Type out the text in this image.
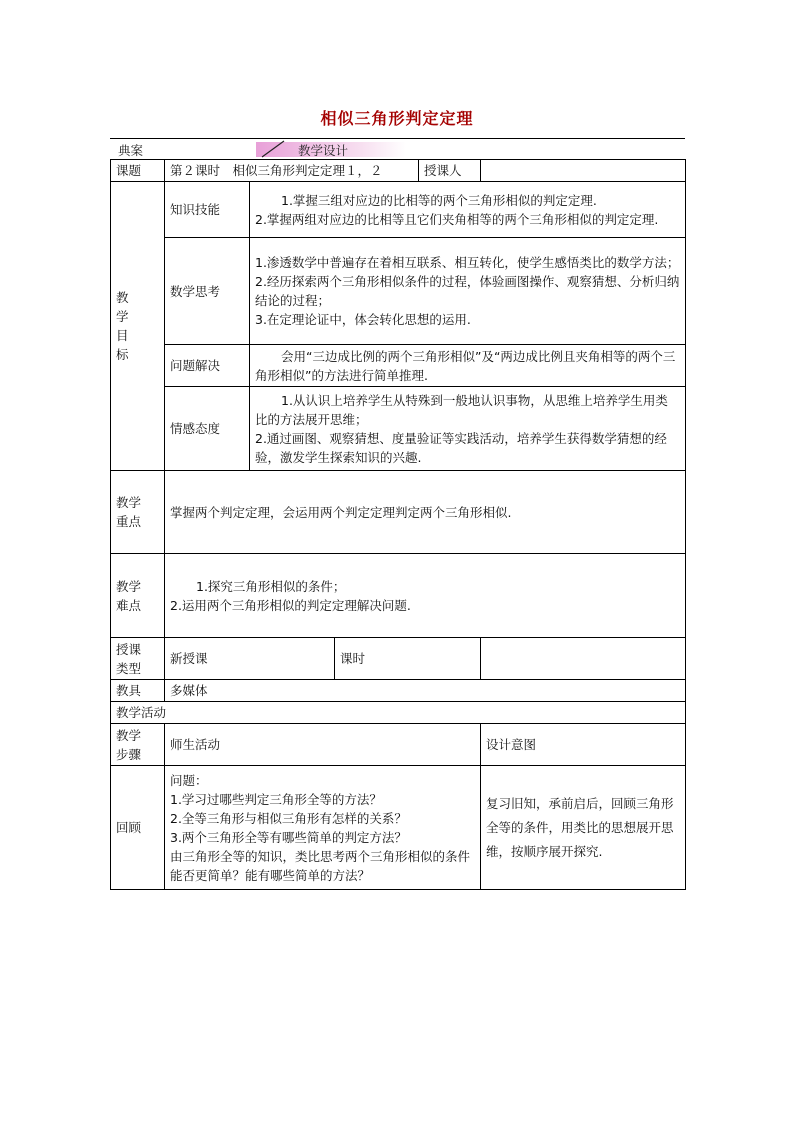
相似三角形判定定理
典案	教学设计
课题	第２课时　相似三角形判定定理１，２			授课人	

教
学
目
标	知识技能	1.掌握三组对应边的比相等的两个三角形相似的判定定理.
2.掌握两组对应边的比相等且它们夹角相等的两个三角形相似的判定定理.			

	数学思考	1.渗透数学中普遍存在着相互联系、相互转化，使学生感悟类比的数学方法；
2.经历探索两个三角形相似条件的过程，体验画图操作、观察猜想、分析归纳结论的过程；
3.在定理论证中，体会转化思想的运用.			

	问题解决	会用“三边成比例的两个三角形相似”及“两边成比例且夹角相等的两个三角形相似”的方法进行简单推理.			

	情感态度	1.从认识上培养学生从特殊到一般地认识事物，从思维上培养学生用类比的方法展开思维；
2.通过画图、观察猜想、度量验证等实践活动，培养学生获得数学猜想的经验，激发学生探索知识的兴趣.			

教学
重点	掌握两个判定定理，会运用两个判定定理判定两个三角形相似.				

教学
难点	1.探究三角形相似的条件；
2.运用两个三角形相似的判定定理解决问题.				

授课
类型	新授课		课时		
教具	多媒体				
教学活动					

教学
步骤	师生活动				设计意图
回顾	问题：
1.学习过哪些判定三角形全等的方法？
2.全等三角形与相似三角形有怎样的关系？
3.两个三角形全等有哪些简单的判定方法？
由三角形全等的知识，类比思考两个三角形相似的条件能否更简单？能有哪些简单的方法？				复习旧知，承前启后，回顾三角形全等的条件，用类比的思想展开思维，按顺序展开探究.
